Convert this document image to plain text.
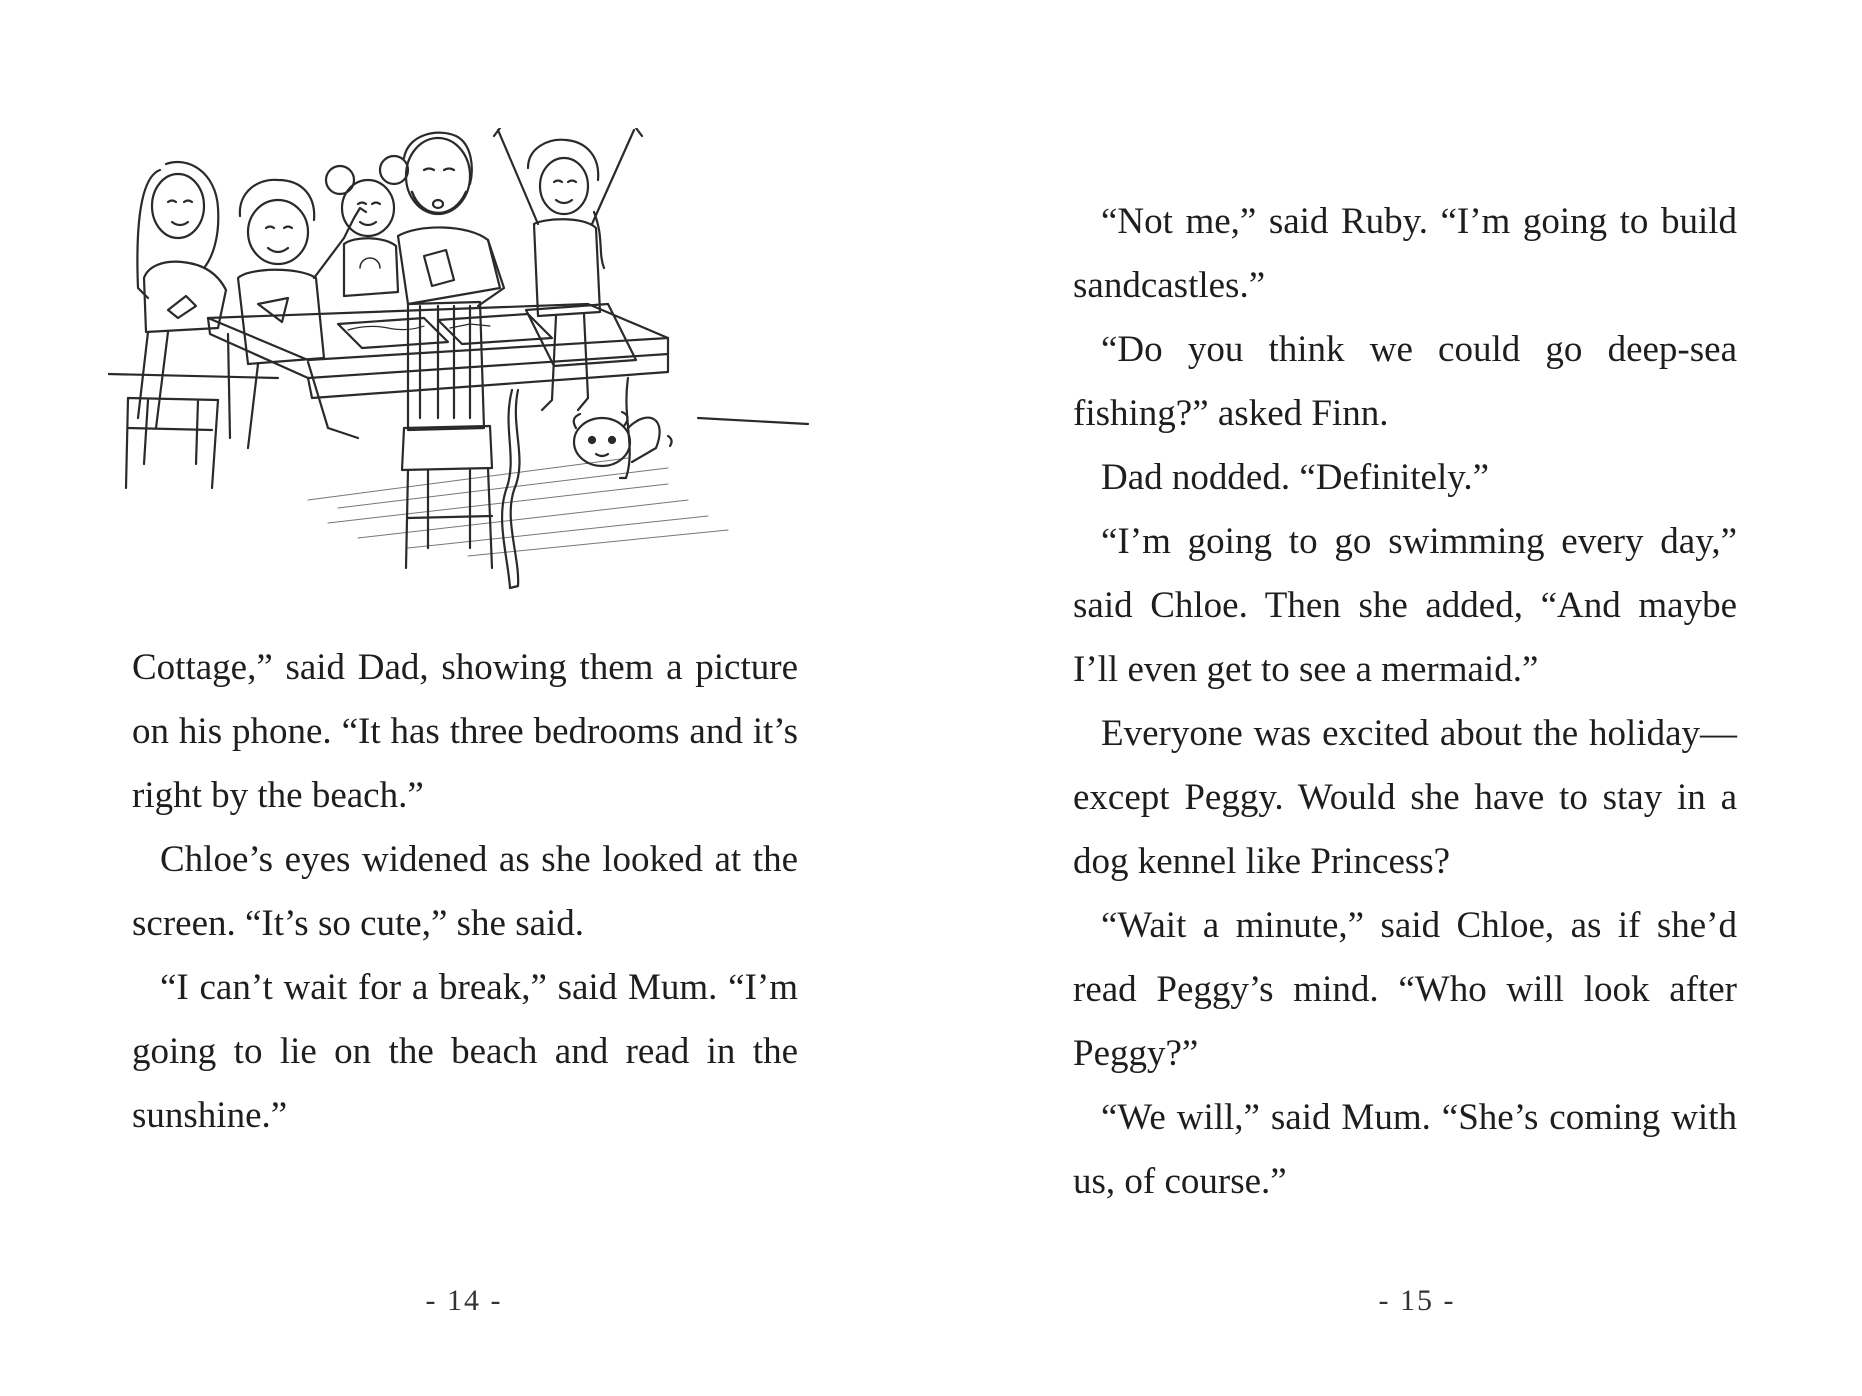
Cottage,” said Dad, showing them a picture on his phone. “It has three bedrooms and it’s right by the beach.”

Chloe’s eyes widened as she looked at the screen. “It’s so cute,” she said.

“I can’t wait for a break,” said Mum. “I’m going to lie on the beach and read in the sunshine.”

- 14 -

“Not me,” said Ruby. “I’m going to build sandcastles.”

“Do you think we could go deep-sea fishing?” asked Finn.

Dad nodded. “Definitely.”

“I’m going to go swimming every day,” said Chloe. Then she added, “And maybe I’ll even get to see a mermaid.”

Everyone was excited about the holiday—except Peggy. Would she have to stay in a dog kennel like Princess?

“Wait a minute,” said Chloe, as if she’d read Peggy’s mind. “Who will look after Peggy?”

“We will,” said Mum. “She’s coming with us, of course.”

- 15 -
